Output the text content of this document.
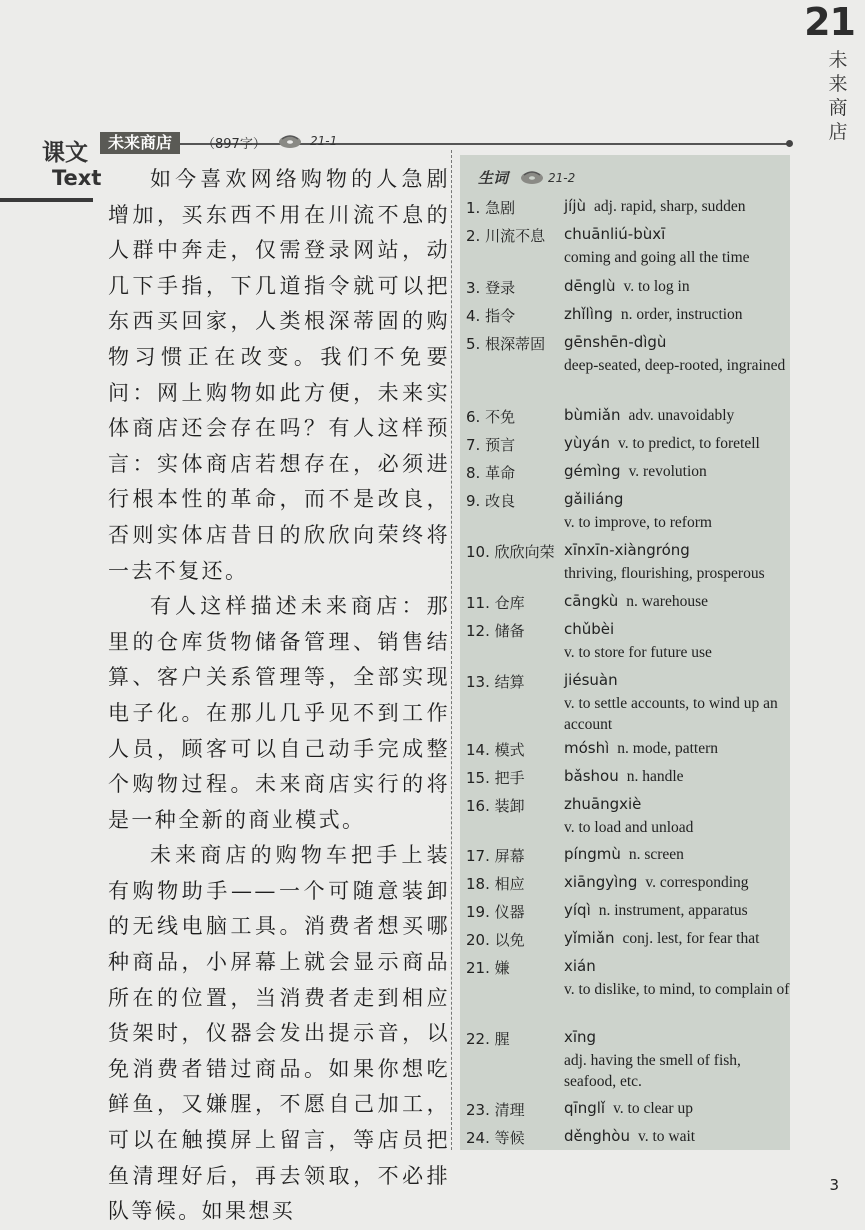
21
未来商店
课文
Text
未来商店	（897字）	21-1

如今喜欢网络购物的人急剧增加，买东西不用在川流不息的人群中奔走，仅需登录网站，动几下手指，下几道指令就可以把东西买回家，人类根深蒂固的购物习惯正在改变。我们不免要问：网上购物如此方便，未来实体商店还会存在吗？有人这样预言：实体商店若想存在，必须进行根本性的革命，而不是改良，否则实体店昔日的欣欣向荣终将一去不复还。

有人这样描述未来商店：那里的仓库货物储备管理、销售结算、客户关系管理等，全部实现电子化。在那儿几乎见不到工作人员，顾客可以自己动手完成整个购物过程。未来商店实行的将是一种全新的商业模式。

未来商店的购物车把手上装有购物助手——一个可随意装卸的无线电脑工具。消费者想买哪种商品，小屏幕上就会显示商品所在的位置，当消费者走到相应货架时，仪器会发出提示音，以免消费者错过商品。如果你想吃鲜鱼，又嫌腥，不愿自己加工，可以在触摸屏上留言，等店员把鱼清理好后，再去领取，不必排队等候。如果想买

生词	21-2
1. 急剧	jíjù adj. rapid, sharp, sudden
2. 川流不息 chuānliú-bùxī
coming and going all the time
3. 登录	dēnglù v. to log in
4. 指令	zhǐlìng n. order, instruction
5. 根深蒂固 gēnshēn-dìgù
deep-seated, deep-rooted, ingrained
6. 不免	bùmiǎn adv. unavoidably
7. 预言	yùyán v. to predict, to foretell
8. 革命	gémìng v. revolution
9. 改良	gǎiliáng
v. to improve, to reform
10. 欣欣向荣 xīnxīn-xiàngróng
thriving, flourishing, prosperous
11. 仓库	cāngkù n. warehouse
12. 储备	chǔbèi
v. to store for future use
13. 结算	jiésuàn
v. to settle accounts, to wind up an account
14. 模式	móshì n. mode, pattern
15. 把手	bǎshou n. handle
16. 装卸	zhuāngxiè
v. to load and unload
17. 屏幕	píngmù n. screen
18. 相应	xiāngyìng v. corresponding
19. 仪器	yíqì n. instrument, apparatus
20. 以免	yǐmiǎn conj. lest, for fear that
21. 嫌	xián
v. to dislike, to mind, to complain of
22. 腥	xīng
adj. having the smell of fish, seafood, etc.
23. 清理	qīnglǐ v. to clear up
24. 等候	děnghòu v. to wait
3
